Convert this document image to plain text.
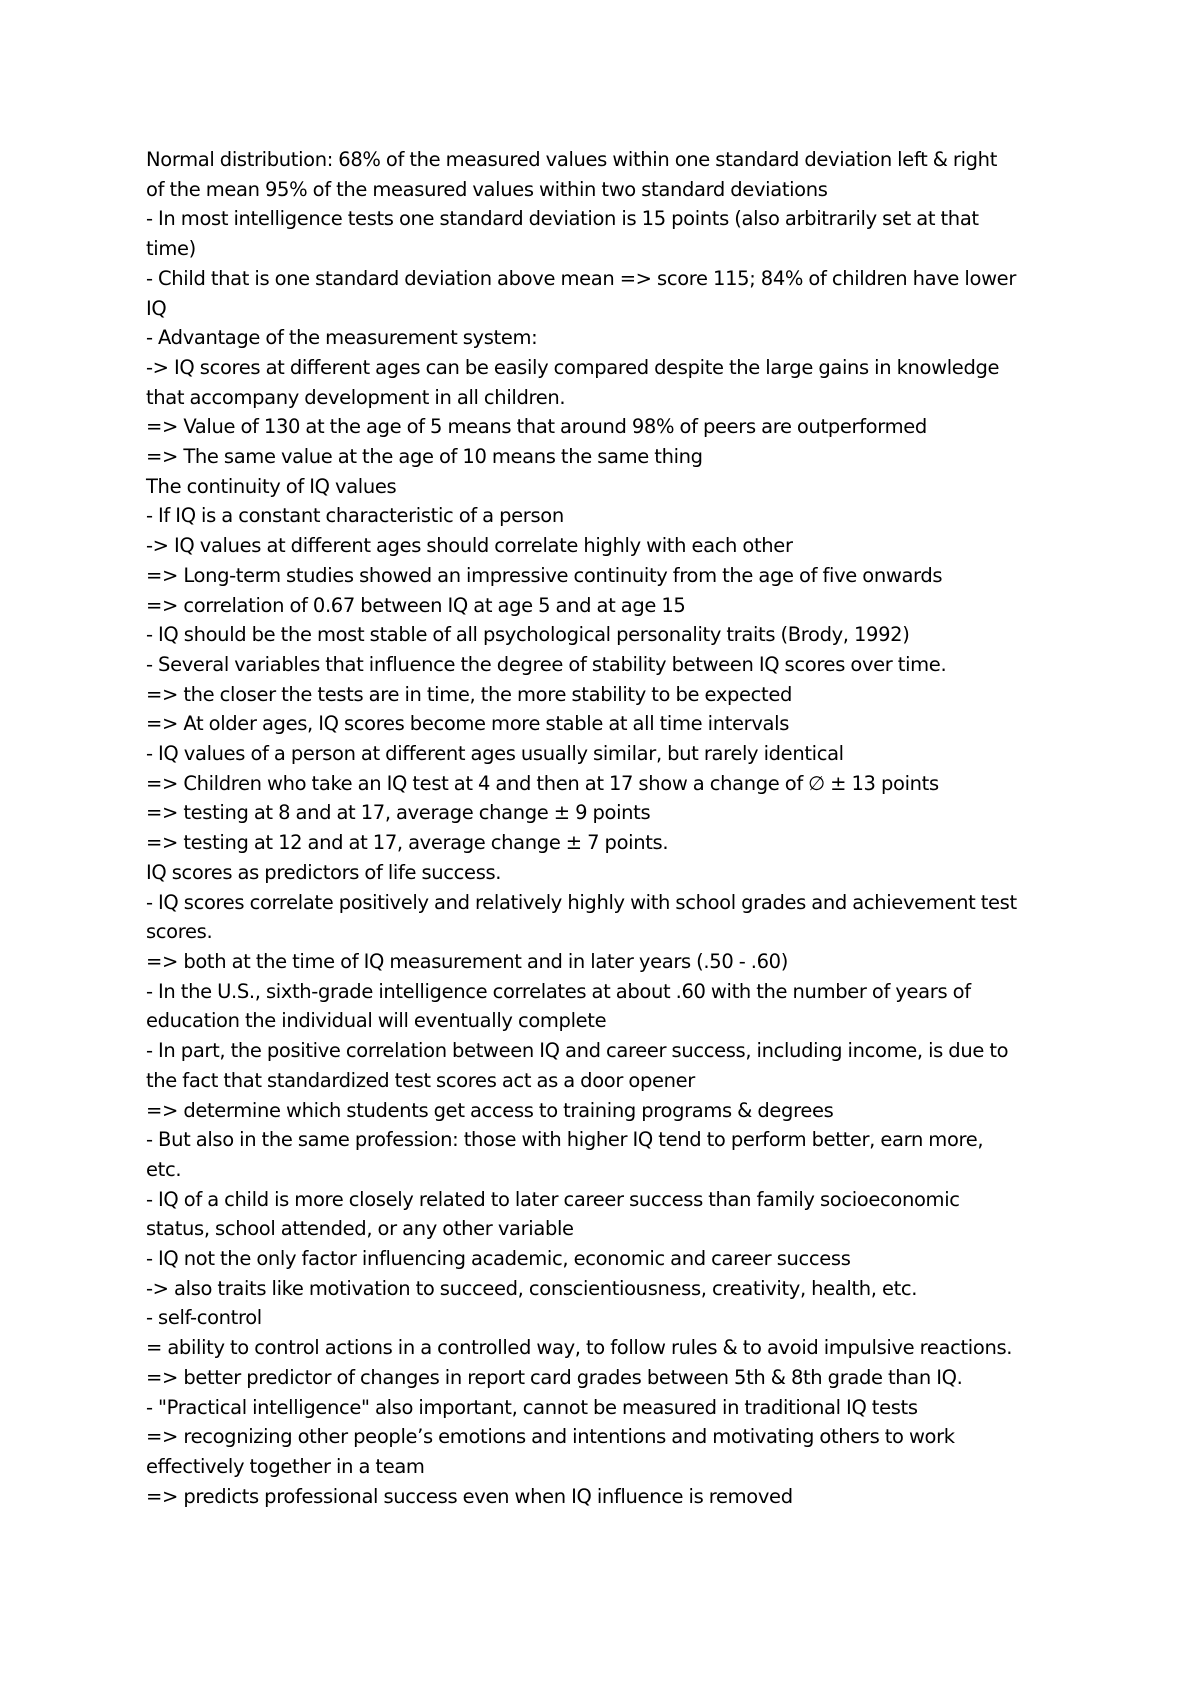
Normal distribution: 68% of the measured values within one standard deviation left & right
of the mean 95% of the measured values within two standard deviations
- In most intelligence tests one standard deviation is 15 points (also arbitrarily set at that
time)
- Child that is one standard deviation above mean => score 115; 84% of children have lower
IQ
- Advantage of the measurement system:
-> IQ scores at different ages can be easily compared despite the large gains in knowledge
that accompany development in all children.
=> Value of 130 at the age of 5 means that around 98% of peers are outperformed
=> The same value at the age of 10 means the same thing
The continuity of IQ values
- If IQ is a constant characteristic of a person
-> IQ values at different ages should correlate highly with each other
=> Long-term studies showed an impressive continuity from the age of five onwards
=> correlation of 0.67 between IQ at age 5 and at age 15
- IQ should be the most stable of all psychological personality traits (Brody, 1992)
- Several variables that influence the degree of stability between IQ scores over time.
=> the closer the tests are in time, the more stability to be expected
=> At older ages, IQ scores become more stable at all time intervals
- IQ values of a person at different ages usually similar, but rarely identical
=> Children who take an IQ test at 4 and then at 17 show a change of ∅ ± 13 points
=> testing at 8 and at 17, average change ± 9 points
=> testing at 12 and at 17, average change ± 7 points.
IQ scores as predictors of life success.
- IQ scores correlate positively and relatively highly with school grades and achievement test
scores.
=> both at the time of IQ measurement and in later years (.50 - .60)
- In the U.S., sixth-grade intelligence correlates at about .60 with the number of years of
education the individual will eventually complete
- In part, the positive correlation between IQ and career success, including income, is due to
the fact that standardized test scores act as a door opener
=> determine which students get access to training programs & degrees
- But also in the same profession: those with higher IQ tend to perform better, earn more,
etc.
- IQ of a child is more closely related to later career success than family socioeconomic
status, school attended, or any other variable
- IQ not the only factor influencing academic, economic and career success
-> also traits like motivation to succeed, conscientiousness, creativity, health, etc.
- self-control
= ability to control actions in a controlled way, to follow rules & to avoid impulsive reactions.
=> better predictor of changes in report card grades between 5th & 8th grade than IQ.
- "Practical intelligence" also important, cannot be measured in traditional IQ tests
=> recognizing other people’s emotions and intentions and motivating others to work
effectively together in a team
=> predicts professional success even when IQ influence is removed
